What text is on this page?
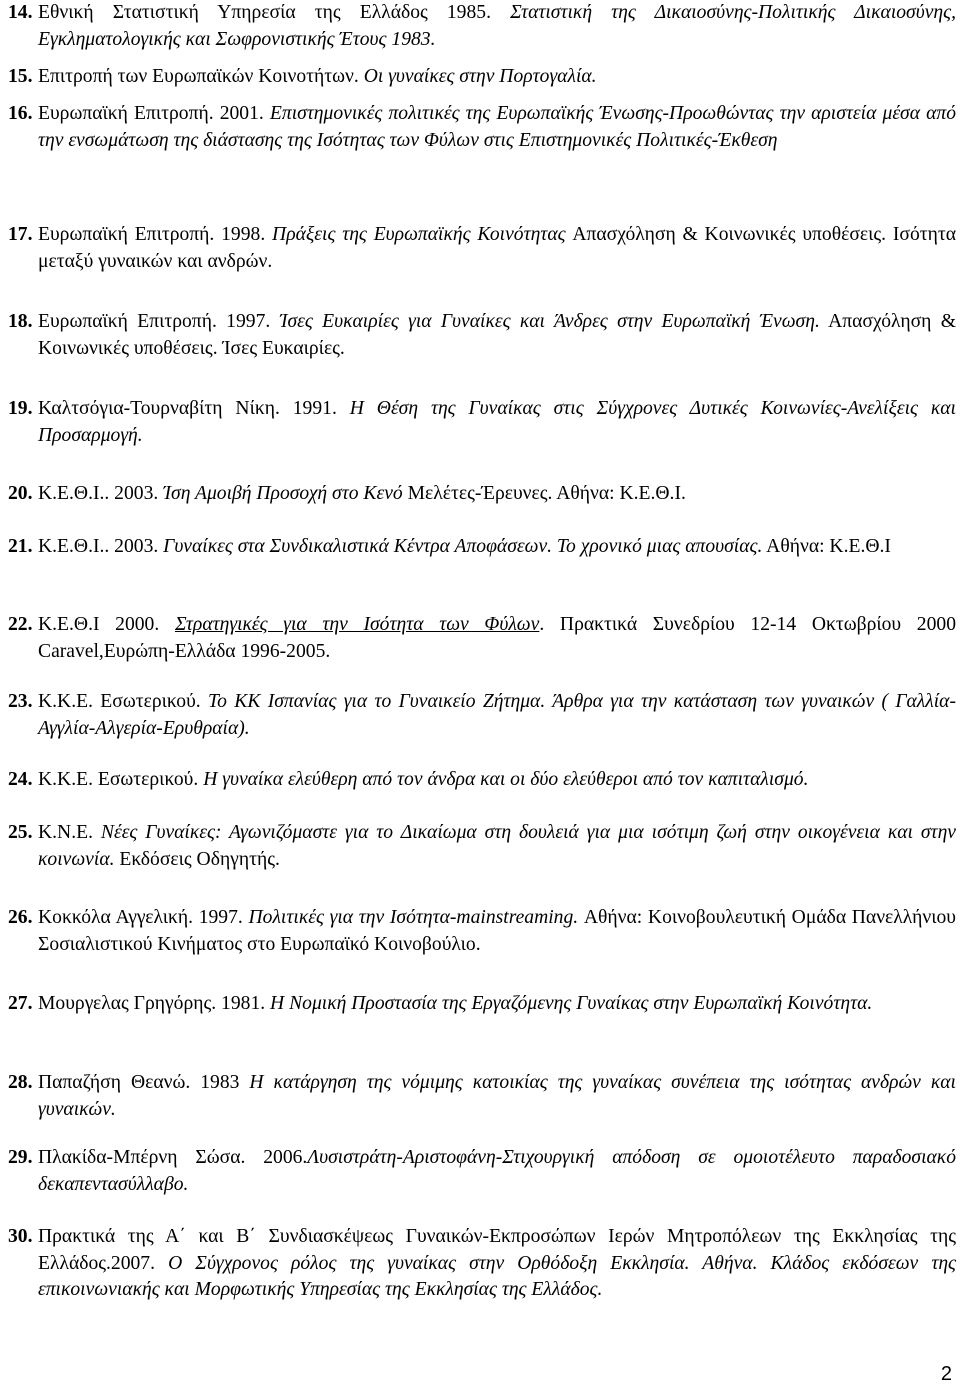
14. Εθνική Στατιστική Υπηρεσία της Ελλάδος 1985. Στατιστική της Δικαιοσύνης-Πολιτικής Δικαιοσύνης, Εγκληματολογικής και Σωφρονιστικής Έτους 1983.

15. Επιτροπή των Ευρωπαϊκών Κοινοτήτων. Οι γυναίκες στην Πορτογαλία.

16. Ευρωπαϊκή Επιτροπή. 2001. Επιστημονικές πολιτικές της Ευρωπαϊκής Ένωσης-Προωθώντας την αριστεία μέσα από την ενσωμάτωση της διάστασης της Ισότητας των Φύλων στις Επιστημονικές Πολιτικές-Έκθεση

17. Ευρωπαϊκή Επιτροπή. 1998. Πράξεις της Ευρωπαϊκής Κοινότητας Απασχόληση & Κοινωνικές υποθέσεις. Ισότητα μεταξύ γυναικών και ανδρών.

18. Ευρωπαϊκή Επιτροπή. 1997. Ίσες Ευκαιρίες για Γυναίκες και Άνδρες στην Ευρωπαϊκή Ένωση. Απασχόληση & Κοινωνικές υποθέσεις. Ίσες Ευκαιρίες.

19. Καλτσόγια-Τουρναβίτη Νίκη. 1991. Η Θέση της Γυναίκας στις Σύγχρονες Δυτικές Κοινωνίες-Ανελίξεις και Προσαρμογή.

20. Κ.Ε.Θ.Ι.. 2003. Ίση Αμοιβή Προσοχή στο Κενό Μελέτες-Έρευνες. Αθήνα: Κ.Ε.Θ.Ι.

21. Κ.Ε.Θ.Ι.. 2003. Γυναίκες στα Συνδικαλιστικά Κέντρα Αποφάσεων. Το χρονικό μιας απουσίας. Αθήνα: Κ.Ε.Θ.Ι

22. Κ.Ε.Θ.Ι 2000. Στρατηγικές για την Ισότητα των Φύλων. Πρακτικά Συνεδρίου 12-14 Οκτωβρίου 2000 Caravel,Ευρώπη-Ελλάδα 1996-2005.

23. Κ.Κ.Ε. Εσωτερικού. Το ΚΚ Ισπανίας για το Γυναικείο Ζήτημα. Άρθρα για την κατάσταση των γυναικών ( Γαλλία-Αγγλία-Αλγερία-Ερυθραία).

24. Κ.Κ.Ε. Εσωτερικού. Η γυναίκα ελεύθερη από τον άνδρα και οι δύο ελεύθεροι από τον καπιταλισμό.

25. Κ.Ν.Ε. Νέες Γυναίκες: Αγωνιζόμαστε για το Δικαίωμα στη δουλειά για μια ισότιμη ζωή στην οικογένεια και στην κοινωνία. Εκδόσεις Οδηγητής.

26. Κοκκόλα Αγγελική. 1997. Πολιτικές για την Ισότητα-mainstreaming. Αθήνα: Κοινοβουλευτική Ομάδα Πανελλήνιου Σοσιαλιστικού Κινήματος στο Ευρωπαϊκό Κοινοβούλιο.

27. Μουργελας Γρηγόρης. 1981. Η Νομική Προστασία της Εργαζόμενης Γυναίκας στην Ευρωπαϊκή Κοινότητα.

28. Παπαζήση Θεανώ. 1983 Η κατάργηση της νόμιμης κατοικίας της γυναίκας συνέπεια της ισότητας ανδρών και γυναικών.

29. Πλακίδα-Μπέρνη Σώσα. 2006.Λυσιστράτη-Αριστοφάνη-Στιχουργική απόδοση σε ομοιοτέλευτο παραδοσιακό δεκαπεντασύλλαβο.

30. Πρακτικά της Α΄ και Β΄ Συνδιασκέψεως Γυναικών-Εκπροσώπων Ιερών Μητροπόλεων της Εκκλησίας της Ελλάδος.2007. Ο Σύγχρονος ρόλος της γυναίκας στην Ορθόδοξη Εκκλησία. Αθήνα. Κλάδος εκδόσεων της επικοινωνιακής και Μορφωτικής Υπηρεσίας της Εκκλησίας της Ελλάδος.

2
